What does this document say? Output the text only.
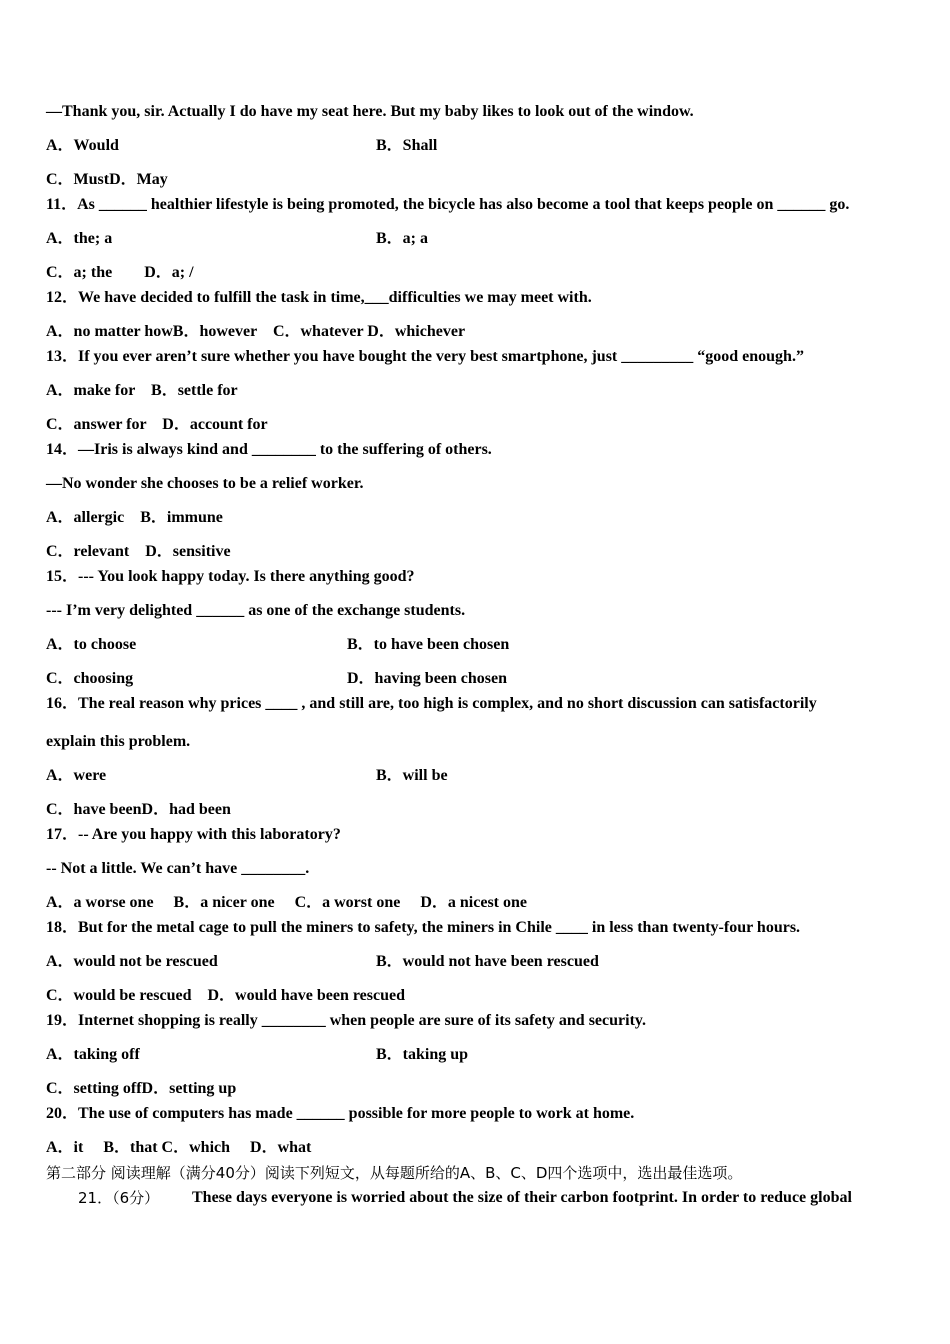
—Thank you, sir. Actually I do have my seat here. But my baby likes to look out of the window.
A．Would	B．Shall
C．MustD．May
11．As ______ healthier lifestyle is being promoted, the bicycle has also become a tool that keeps people on ______ go.
A．the; a	B．a; a
C．a; the　　D．a; /
12．We have decided to fulfill the task in time,___difficulties we may meet with.
A．no matter howB．however　C．whatever D．whichever
13．If you ever aren’t sure whether you have bought the very best smartphone, just _________ “good enough.”
A．make for　B．settle for
C．answer for　D．account for
14．—Iris is always kind and ________ to the suffering of others.
—No wonder she chooses to be a relief worker.
A．allergic　B．immune
C．relevant　D．sensitive
15．--- You look happy today. Is there anything good?
--- I’m very delighted ______ as one of the exchange students.
A．to choose	B．to have been chosen
C．choosing	D．having been chosen
16．The real reason why prices ____ , and still are, too high is complex, and no short discussion can satisfactorily
explain this problem.
A．were	B．will be
C．have beenD．had been
17．-- Are you happy with this laboratory?
-- Not a little. We can’t have ________.
A．a worse one　 B．a nicer one　 C．a worst one　 D．a nicest one
18．But for the metal cage to pull the miners to safety, the miners in Chile ____ in less than twenty-four hours.
A．would not be rescued	B．would not have been rescued
C．would be rescued　D．would have been rescued
19．Internet shopping is really ________ when people are sure of its safety and security.
A．taking off	B．taking up
C．setting offD．setting up
20．The use of computers has made ______ possible for more people to work at home.
A．it　 B．that C．which　 D．what
第二部分 阅读理解（满分40分）阅读下列短文，从每题所给的A、B、C、D四个选项中，选出最佳选项。
21．（6分） These days everyone is worried about the size of their carbon footprint. In order to reduce global
